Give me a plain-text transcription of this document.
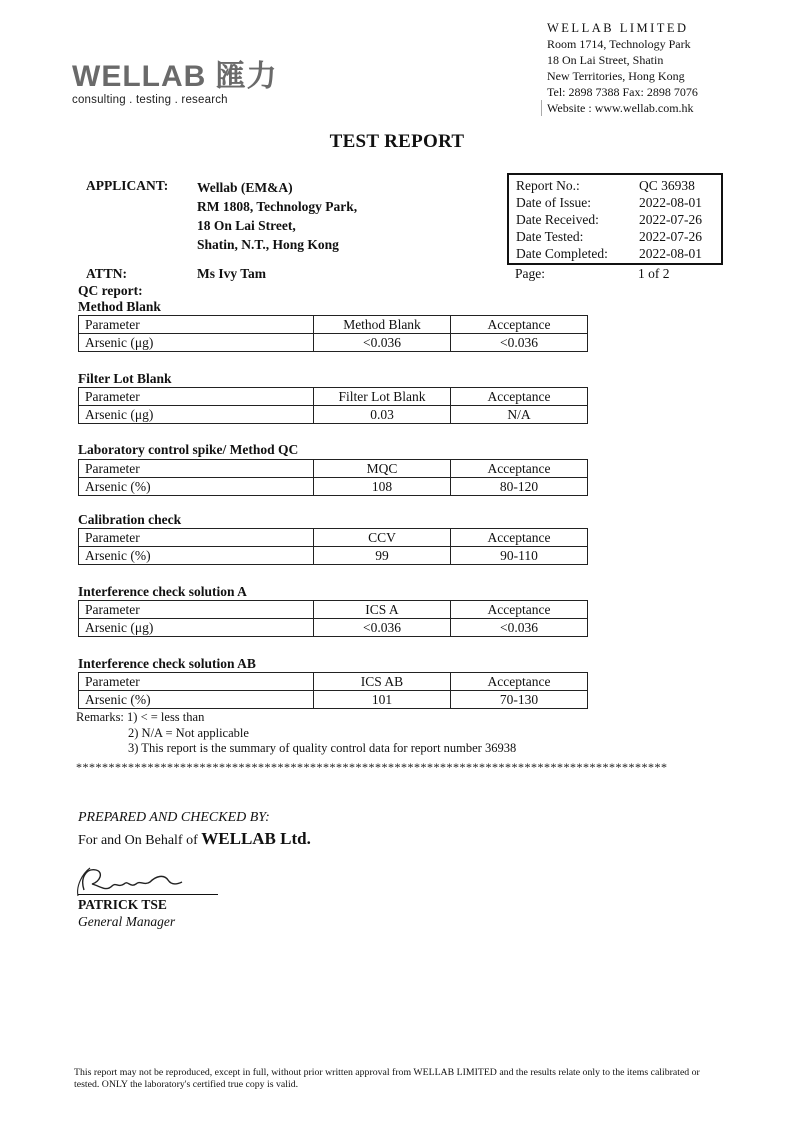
WELLAB 匯力
consulting . testing . research
WELLAB LIMITED
Room 1714, Technology Park
18 On Lai Street, Shatin
New Territories, Hong Kong
Tel: 2898 7388 Fax: 2898 7076
Website : www.wellab.com.hk
TEST REPORT
APPLICANT: Wellab (EM&A)
RM 1808, Technology Park,
18 On Lai Street,
Shatin, N.T., Hong Kong
ATTN:	Ms Ivy Tam
Report No.:	QC 36938
Date of Issue:	2022-08-01
Date Received:	2022-07-26
Date Tested:	2022-07-26
Date Completed: 2022-08-01
Page:	1 of 2
QC report:
Method Blank
Parameter	Method Blank	Acceptance
Arsenic (μg)	<0.036	<0.036
Filter Lot Blank
Parameter	Filter Lot Blank	Acceptance
Arsenic (μg)	0.03	N/A
Laboratory control spike/ Method QC
Parameter	MQC	Acceptance
Arsenic (%)	108	80-120
Calibration check
Parameter	CCV	Acceptance
Arsenic (%)	99	90-110
Interference check solution A
Parameter	ICS A	Acceptance
Arsenic (μg)	<0.036	<0.036
Interference check solution AB
Parameter	ICS AB	Acceptance
Arsenic (%)	101	70-130
Remarks: 1) < = less than
2) N/A = Not applicable
3) This report is the summary of quality control data for report number 36938
*******************************************************************************************
PREPARED AND CHECKED BY:
For and On Behalf of WELLAB Ltd.
PATRICK TSE
General Manager
This report may not be reproduced, except in full, without prior written approval from WELLAB LIMITED and the results relate only to the items calibrated or tested. ONLY the laboratory's certified true copy is valid.
